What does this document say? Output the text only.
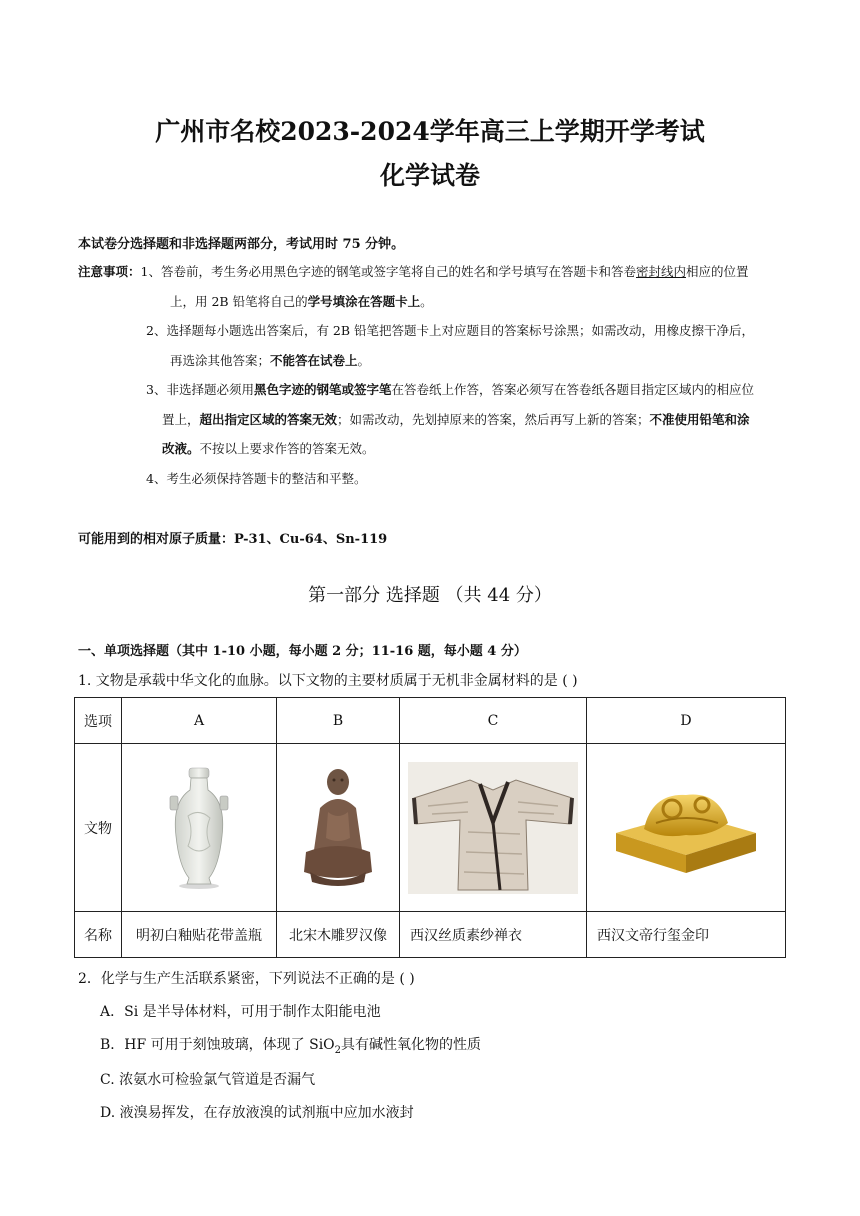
广州市名校2023-2024学年高三上学期开学考试
化学试卷
本试卷分选择题和非选择题两部分，考试用时 75 分钟。
注意事项：1、答卷前，考生务必用黑色字迹的钢笔或签字笔将自己的姓名和学号填写在答题卡和答卷密封线内相应的位置
上，用 2B 铅笔将自己的学号填涂在答题卡上。
2、选择题每小题选出答案后，有 2B 铅笔把答题卡上对应题目的答案标号涂黑；如需改动，用橡皮擦干净后，
再选涂其他答案；不能答在试卷上。
3、非选择题必须用黑色字迹的钢笔或签字笔在答卷纸上作答，答案必须写在答卷纸各题目指定区域内的相应位
置上，超出指定区域的答案无效；如需改动，先划掉原来的答案，然后再写上新的答案；不准使用铅笔和涂
改液。不按以上要求作答的答案无效。
4、考生必须保持答题卡的整洁和平整。
可能用到的相对原子质量：P-31、Cu-64、Sn-119
第一部分 选择题 （共 44 分）
一、单项选择题（其中 1-10 小题，每小题 2 分；11-16 题，每小题 4 分）
1. 文物是承载中华文化的血脉。以下文物的主要材质属于无机非金属材料的是 ( )
选项	A	B	C	D
文物	

名称	明初白釉贴花带盖瓶	北宋木雕罗汉像	西汉丝质素纱禅衣	西汉文帝行玺金印
2．化学与生产生活联系紧密，下列说法不正确的是 ( )
A．Si 是半导体材料，可用于制作太阳能电池
B．HF 可用于刻蚀玻璃，体现了 SiO$_2$具有碱性氧化物的性质
C. 浓氨水可检验氯气管道是否漏气
D. 液溴易挥发，在存放液溴的试剂瓶中应加水液封
